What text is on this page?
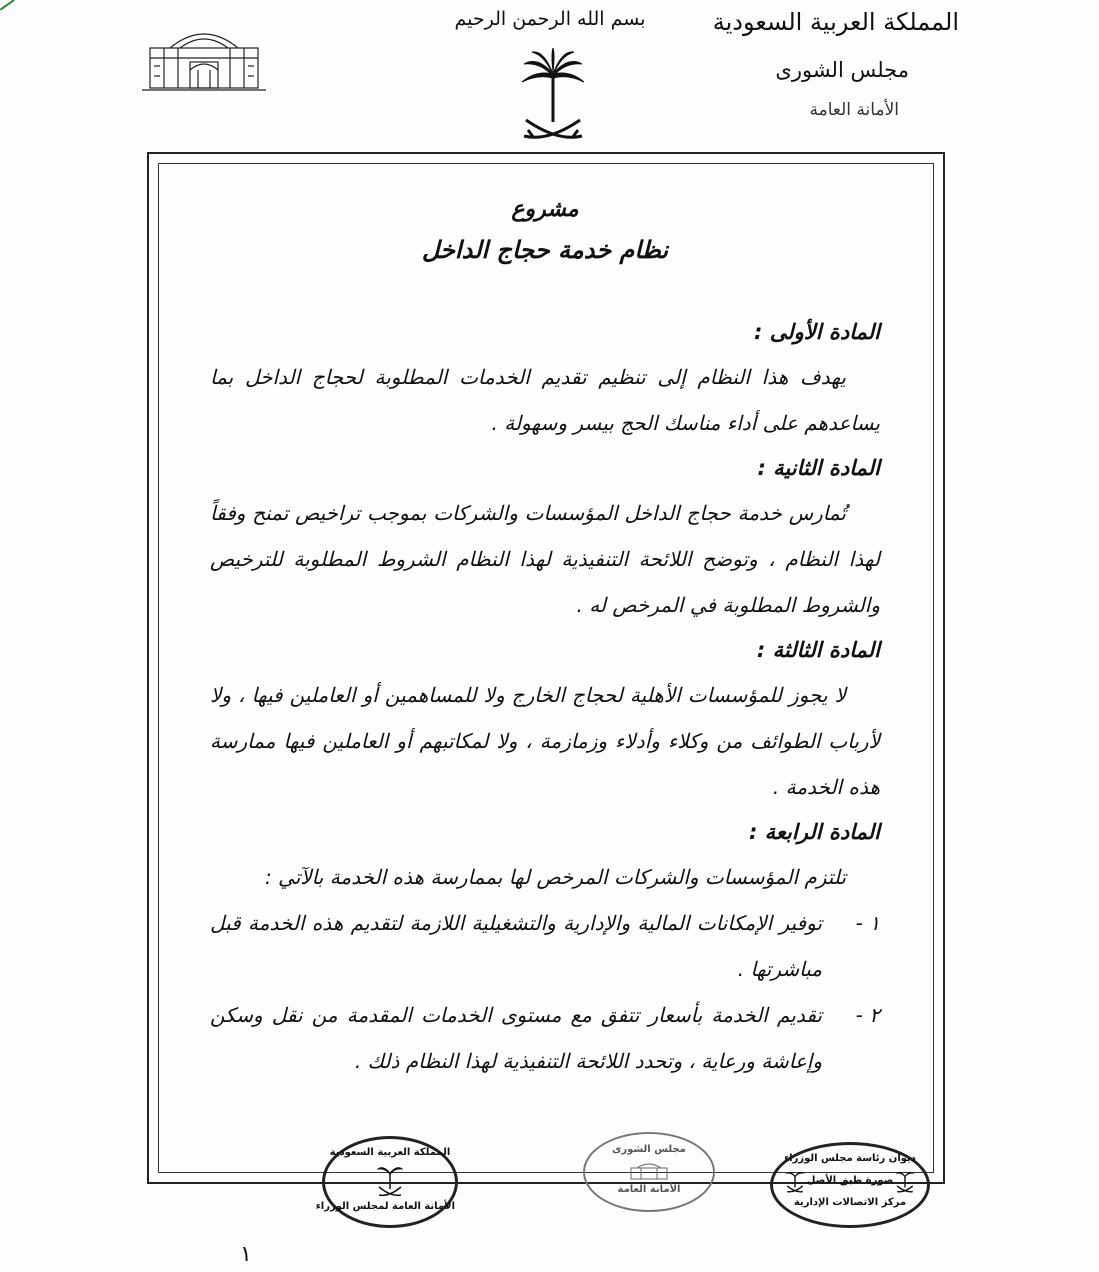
بسم الله الرحمن الرحيم	المملكة العربية السعودية
مجلس الشورى
الأمانة العامة

مشروع

نظام خدمة حجاج الداخل

المادة الأولى :

يهدف هذا النظام إلى تنظيم تقديم الخدمات المطلوبة لحجاج الداخل بما يساعدهم على أداء مناسك الحج بيسر وسهولة .

المادة الثانية :

تُمارس خدمة حجاج الداخل المؤسسات والشركات بموجب تراخيص تمنح وفقاً لهذا النظام ، وتوضح اللائحة التنفيذية لهذا النظام الشروط المطلوبة للترخيص والشروط المطلوبة في المرخص له .

المادة الثالثة :

لا يجوز للمؤسسات الأهلية لحجاج الخارج ولا للمساهمين أو العاملين فيها ، ولا لأرباب الطوائف من وكلاء وأدلاء وزمازمة ، ولا لمكاتبهم أو العاملين فيها ممارسة هذه الخدمة .

المادة الرابعة :

تلتزم المؤسسات والشركات المرخص لها بممارسة هذه الخدمة بالآتي :

١ -
توفير الإمكانات المالية والإدارية والتشغيلية اللازمة لتقديم هذه الخدمة قبل مباشرتها .
٢ -
تقديم الخدمة بأسعار تتفق مع مستوى الخدمات المقدمة من نقل وسكن وإعاشة ورعاية ، وتحدد اللائحة التنفيذية لهذا النظام ذلك .
المملكة العربية السعودية
الأمانة العامة لمجلس الوزراء
مجلس الشورى
الأمانة العامة
ديوان رئاسة مجلس الوزراء
صورة طبق الأصل
مركز الاتصالات الإدارية
١
